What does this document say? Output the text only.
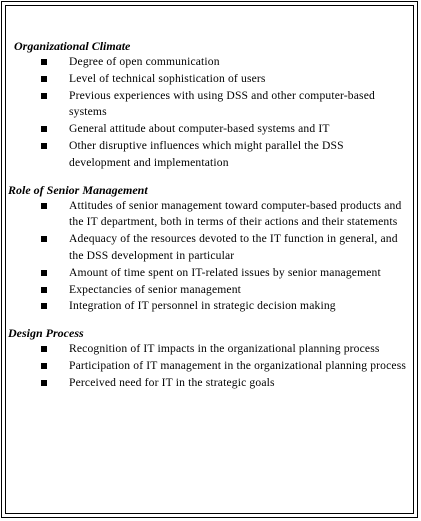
Organizational Climate

Degree of open communication
Level of technical sophistication of users
Previous experiences with using DSS and other computer-based systems
General attitude about computer-based systems and IT
Other disruptive influences which might parallel the DSS development and implementation

Role of Senior Management

Attitudes of senior management toward computer-based products and the IT department, both in terms of their actions and their statements
Adequacy of the resources devoted to the IT function in general, and the DSS development in particular
Amount of time spent on IT-related issues by senior management
Expectancies of senior management
Integration of IT personnel in strategic decision making

Design Process

Recognition of IT impacts in the organizational planning process
Participation of IT management in the organizational planning process
Perceived need for IT in the strategic goals
